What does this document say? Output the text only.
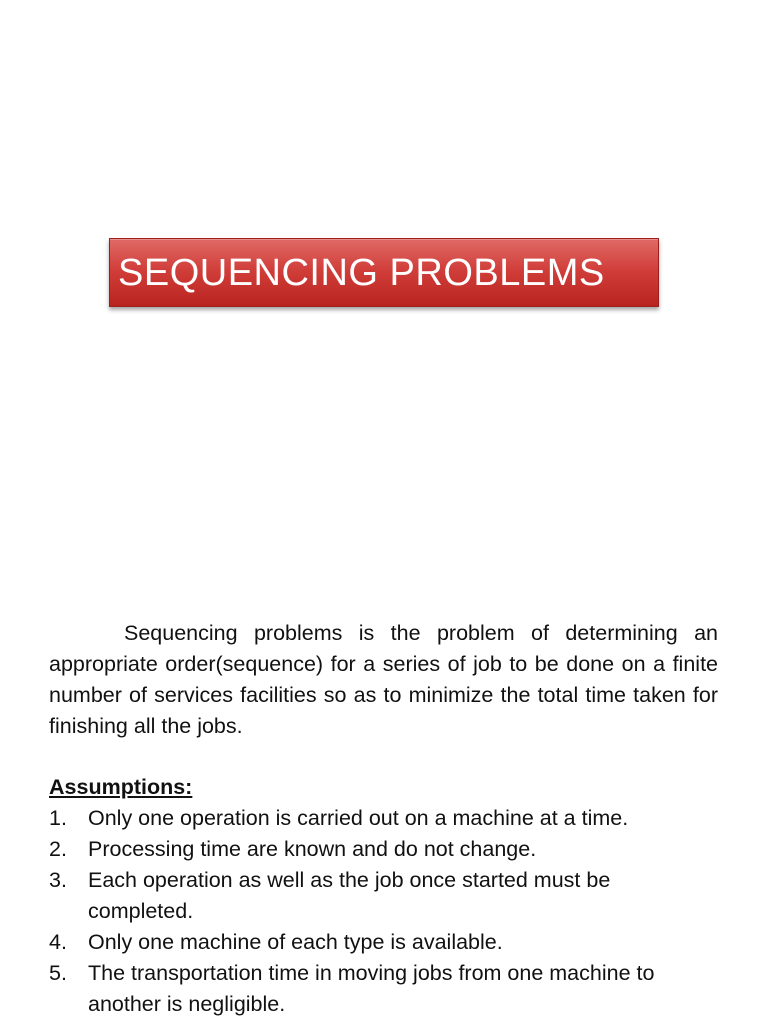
SEQUENCING PROBLEMS

Sequencing problems is the problem of determining an appropriate order(sequence) for a series of job to be done on a finite number of services facilities so as to minimize the total time taken for finishing all the jobs.

Assumptions:
1. Only one operation is carried out on a machine at a time.
2. Processing time are known and do not change.
3. Each operation as well as the job once started must be completed.
4. Only one machine of each type is available.
5. The transportation time in moving jobs from one machine to another is negligible.
